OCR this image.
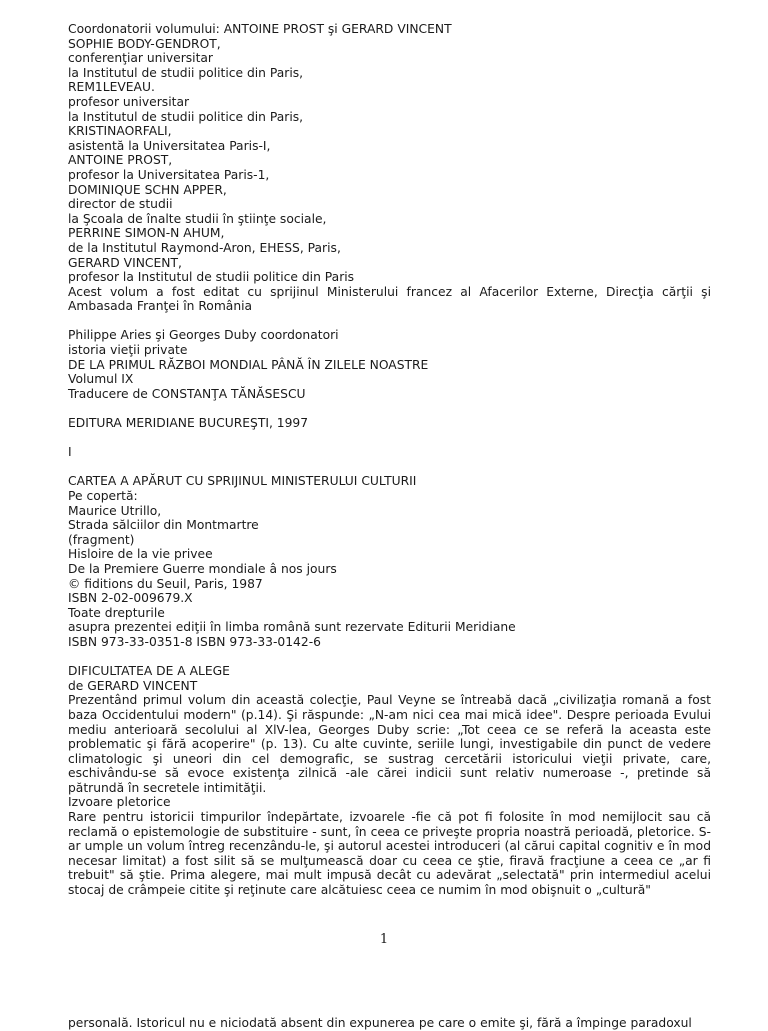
Coordonatorii volumului: ANTOINE PROST şi GERARD VINCENT
SOPHIE BODY-GENDROT,
conferenţiar universitar
la Institutul de studii politice din Paris,
REM1LEVEAU.
profesor universitar
la Institutul de studii politice din Paris,
KRISTINAORFALI,
asistentă la Universitatea Paris-I,
ANTOINE PROST,
profesor la Universitatea Paris-1,
DOMINIQUE SCHN APPER,
director de studii
la Şcoala de înalte studii în ştiinţe sociale,
PERRINE SIMON-N AHUM,
de la Institutul Raymond-Aron, EHESS, Paris,
GERARD VINCENT,
profesor la Institutul de studii politice din Paris
Acest volum a fost editat cu sprijinul Ministerului francez al Afacerilor Externe, Direcţia cărţii şi Ambasada Franţei în România
Philippe Aries şi Georges Duby coordonatori
istoria vieţii private
DE LA PRIMUL RĂZBOI MONDIAL PÂNĂ ÎN ZILELE NOASTRE
Volumul IX
Traducere de CONSTANŢA TĂNĂSESCU
EDITURA MERIDIANE BUCUREŞTI, 1997
I
CARTEA A APĂRUT CU SPRIJINUL MINISTERULUI CULTURII
Pe copertă:
Maurice Utrillo,
Strada sălciilor din Montmartre
(fragment)
Hisloire de la vie privee
De la Premiere Guerre mondiale â nos jours
© fiditions du Seuil, Paris, 1987
ISBN 2-02-009679.X
Toate drepturile
asupra prezentei ediţii în limba română sunt rezervate Editurii Meridiane
ISBN 973-33-0351-8 ISBN 973-33-0142-6
DIFICULTATEA DE A ALEGE
de GERARD VINCENT
Prezentând primul volum din această colecţie, Paul Veyne se întreabă dacă „civilizaţia romană a fost baza Occidentului modern" (p.14). Şi răspunde: „N-am nici cea mai mică idee". Despre perioada Evului mediu anterioară secolului al XlV-lea, Georges Duby scrie: „Tot ceea ce se referă la aceasta este problematic şi fără acoperire" (p. 13). Cu alte cuvinte, seriile lungi, investigabile din punct de vedere climatologic şi uneori din cel demografic, se sustrag cercetării istoricului vieţii private, care, eschivându-se să evoce existenţa zilnică -ale cărei indicii sunt relativ numeroase -, pretinde să pătrundă în secretele intimităţii.
Izvoare pletorice
Rare pentru istoricii timpurilor îndepărtate, izvoarele -fie că pot fi folosite în mod nemijlocit sau că reclamă o epistemologie de substituire - sunt, în ceea ce priveşte propria noastră perioadă, pletorice. S-ar umple un volum întreg recenzându-le, şi autorul acestei introduceri (al cărui capital cognitiv e în mod necesar limitat) a fost silit să se mulţumească doar cu ceea ce ştie, firavă fracţiune a ceea ce „ar fi trebuit" să ştie. Prima alegere, mai mult impusă decât cu adevărat „selectată" prin intermediul acelui stocaj de crâmpeie citite şi reţinute care alcătuiesc ceea ce numim în mod obişnuit o „cultură"
1
personală. Istoricul nu e niciodată absent din expunerea pe care o emite şi, fără a împinge paradoxul
